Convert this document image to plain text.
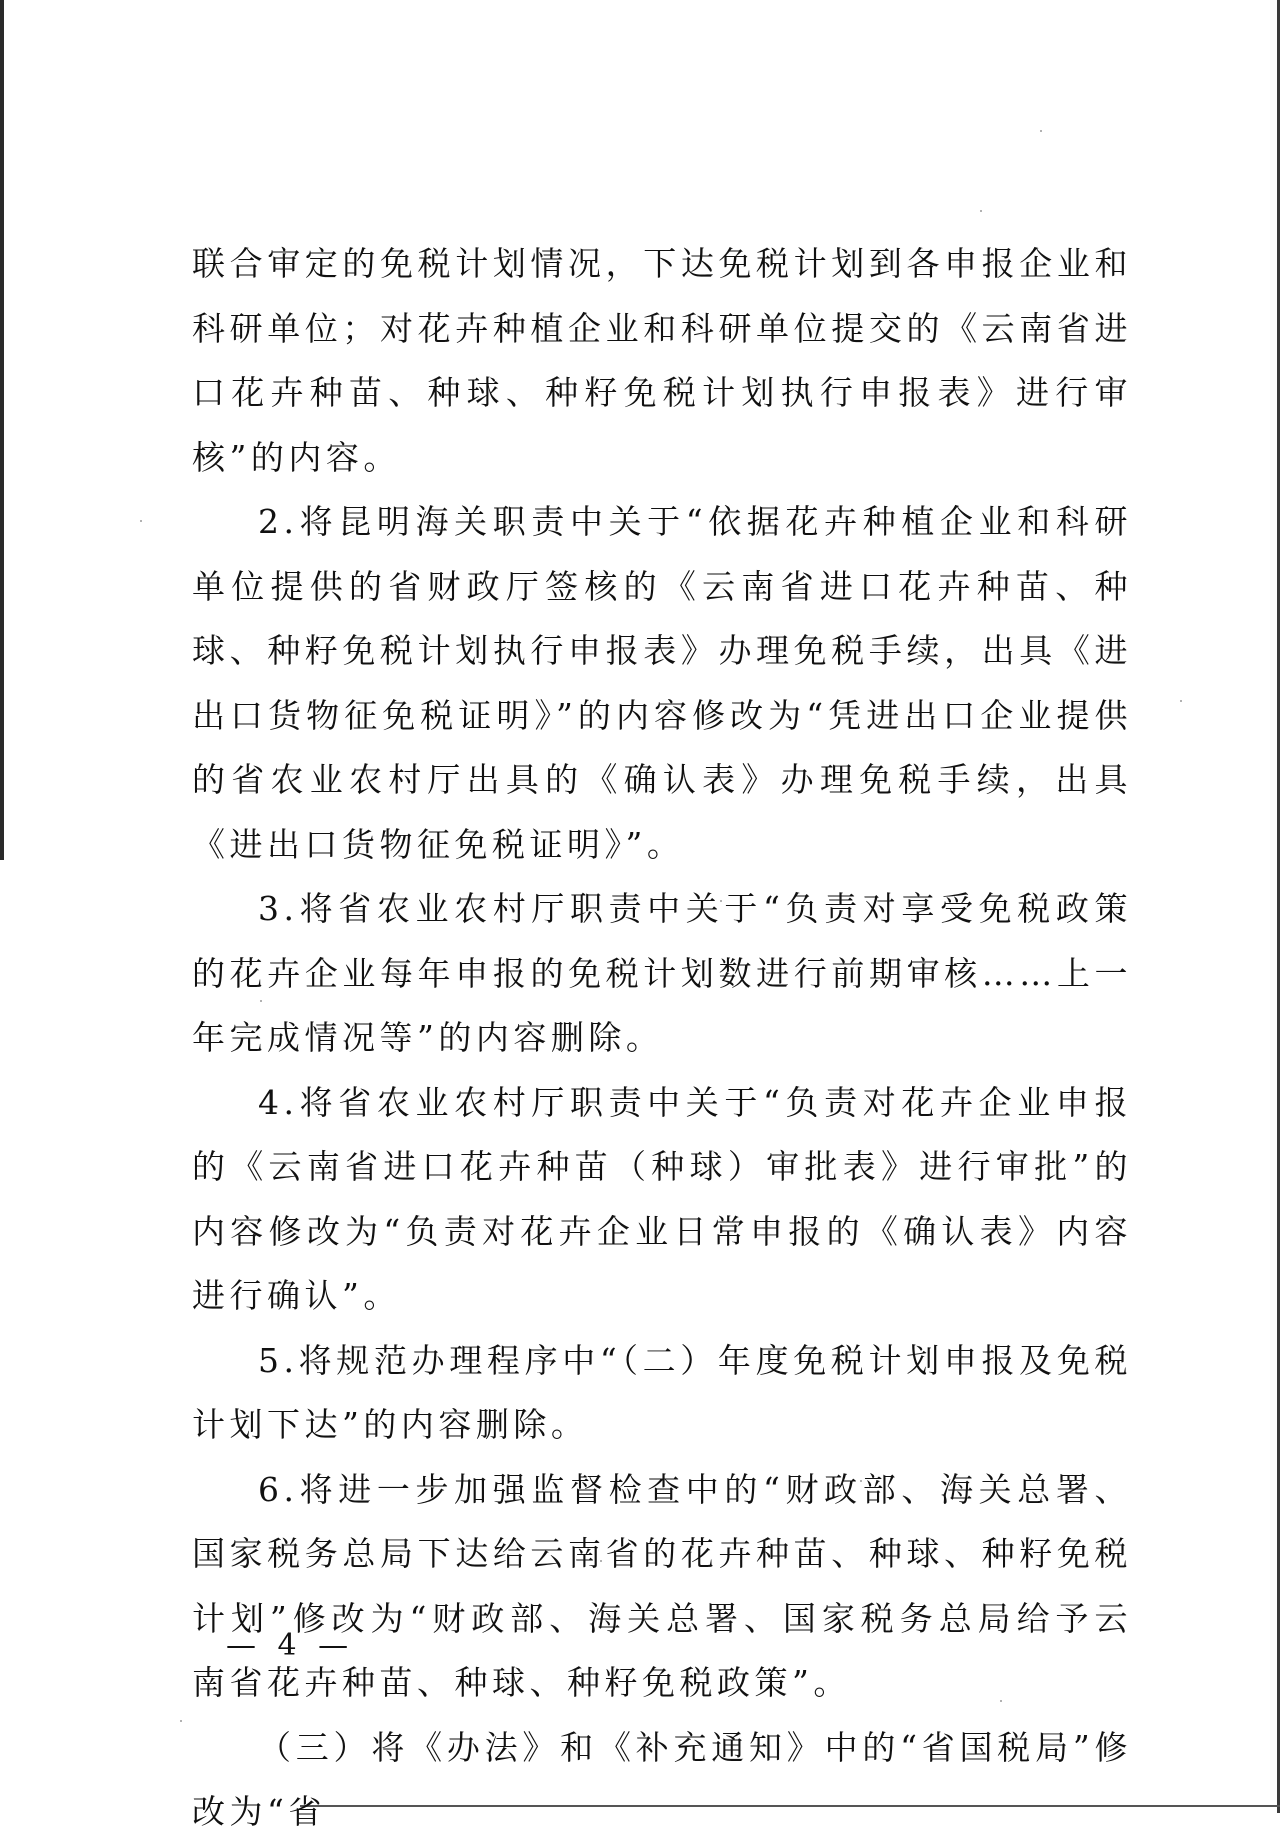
联合审定的免税计划情况，下达免税计划到各申报企业和科研单位；对花卉种植企业和科研单位提交的《云南省进口花卉种苗、种球、种籽免税计划执行申报表》进行审核”的内容。

2.将昆明海关职责中关于“依据花卉种植企业和科研单位提供的省财政厅签核的《云南省进口花卉种苗、种球、种籽免税计划执行申报表》办理免税手续，出具《进出口货物征免税证明》”的内容修改为“凭进出口企业提供的省农业农村厅出具的《确认表》办理免税手续，出具《进出口货物征免税证明》”。

3.将省农业农村厅职责中关于“负责对享受免税政策的花卉企业每年申报的免税计划数进行前期审核……上一年完成情况等”的内容删除。

4.将省农业农村厅职责中关于“负责对花卉企业申报的《云南省进口花卉种苗（种球）审批表》进行审批”的内容修改为“负责对花卉企业日常申报的《确认表》内容进行确认”。

5.将规范办理程序中“（二）年度免税计划申报及免税计划下达”的内容删除。

6.将进一步加强监督检查中的“财政部、海关总署、国家税务总局下达给云南省的花卉种苗、种球、种籽免税计划”修改为“财政部、海关总署、国家税务总局给予云南省花卉种苗、种球、种籽免税政策”。

（三）将《办法》和《补充通知》中的“省国税局”修改为“省

— 4 —
